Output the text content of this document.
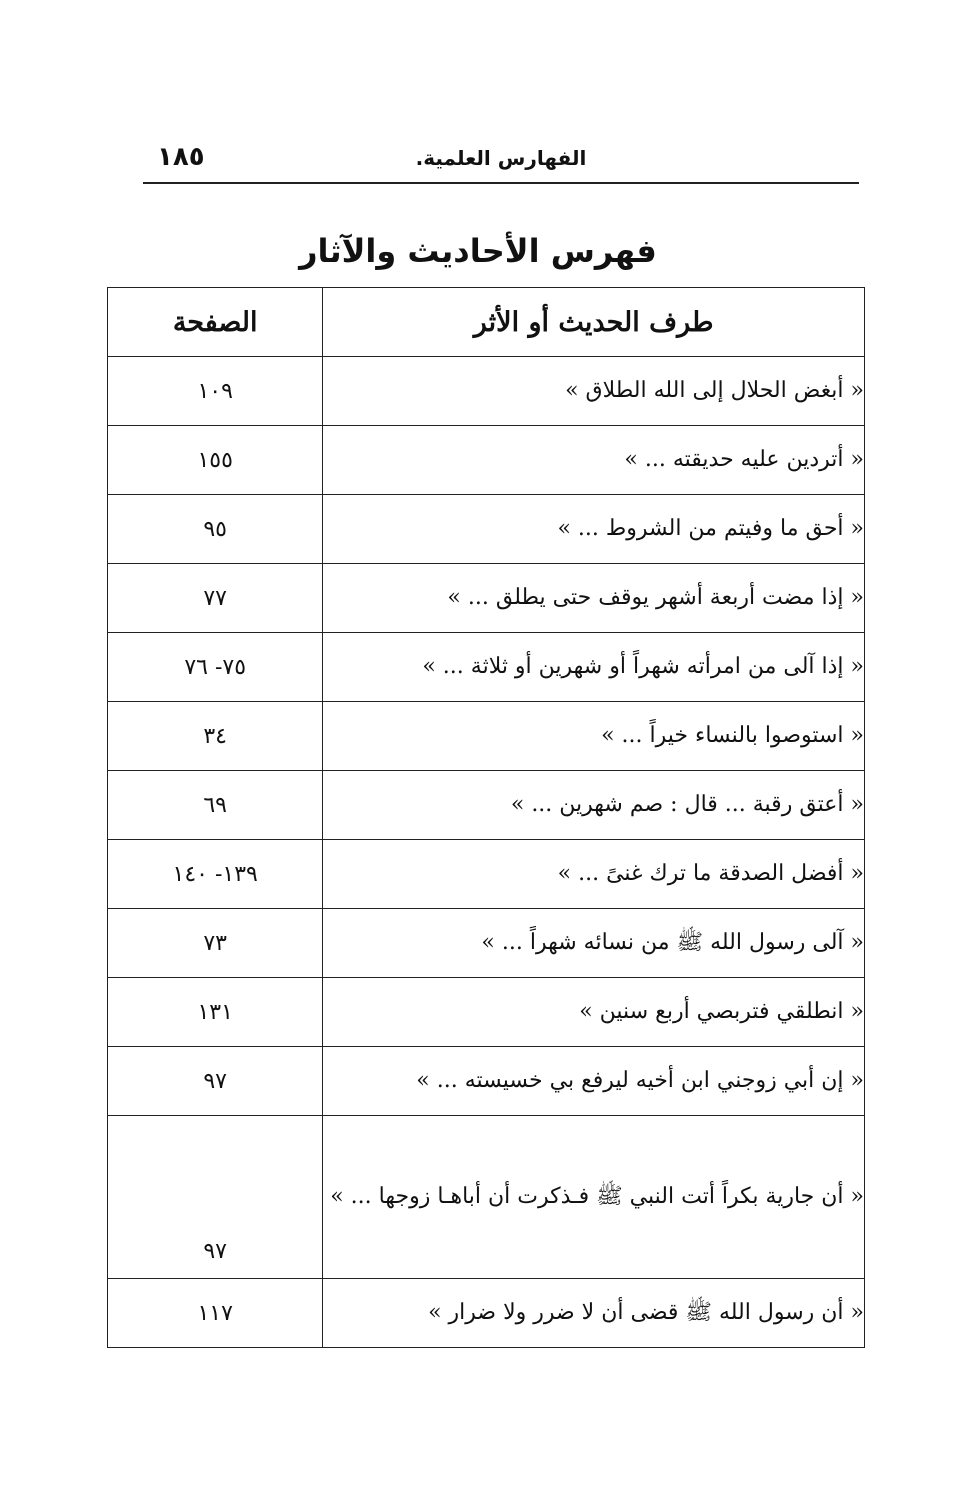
الفهارس العلمية.
١٨٥
فهرس الأحاديث والآثار
طرف الحديث أو الأثر	الصفحة

« أبغض الحلال إلى الله الطلاق »	١٠٩

« أتردين عليه حديقته ... »	١٥٥

« أحق ما وفيتم من الشروط ... »	٩٥

« إذا مضت أربعة أشهر يوقف حتى يطلق ... »	٧٧

« إذا آلى من امرأته شهراً أو شهرين أو ثلاثة ... »	٧٥- ٧٦

« استوصوا بالنساء خيراً ... »	٣٤

« أعتق رقبة ... قال : صم شهرين ... »	٦٩

« أفضل الصدقة ما ترك غنىً ... »	١٣٩- ١٤٠

« آلى رسول الله ﷺ من نسائه شهراً ... »	٧٣

« انطلقي فتربصي أربع سنين »	١٣١

« إن أبي زوجني ابن أخيه ليرفع بي خسيسته ... »	٩٧

« أن جارية بكراً أتت النبي ﷺ فـذكرت أن أباهـا زوجها ... »	٩٧

« أن رسول الله ﷺ قضى أن لا ضرر ولا ضرار »	١١٧
